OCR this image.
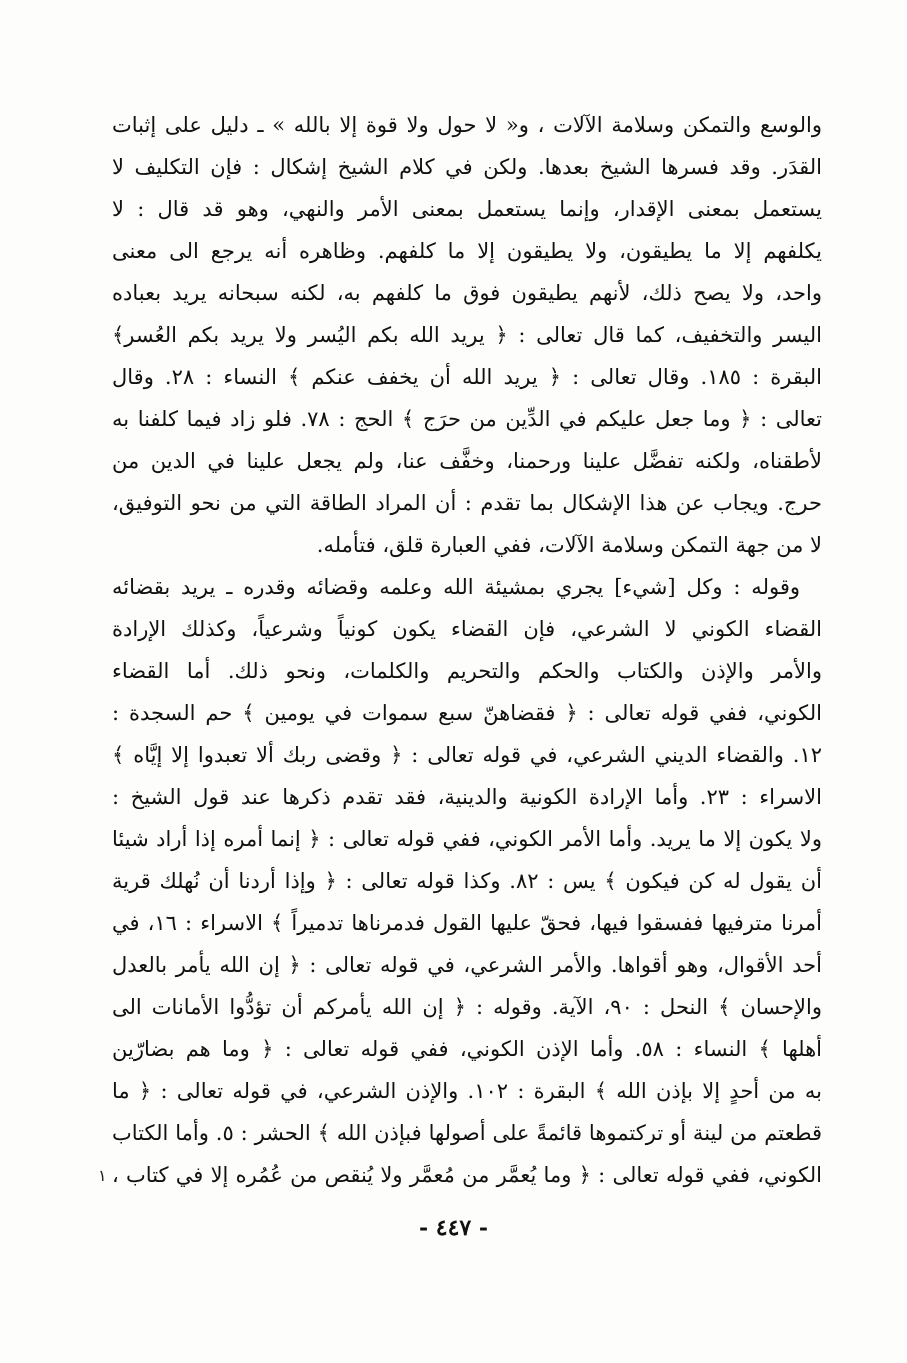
والوسع والتمكن وسلامة الآلات ، و« لا حول ولا قوة إلا بالله » ـ دليل على إثبات
القدَر. وقد فسرها الشيخ بعدها. ولكن في كلام الشيخ إشكال : فإن التكليف لا
يستعمل بمعنى الإقدار، وإنما يستعمل بمعنى الأمر والنهي، وهو قد قال : لا
يكلفهم إلا ما يطيقون، ولا يطيقون إلا ما كلفهم. وظاهره أنه يرجع الى معنى
واحد، ولا يصح ذلك، لأنهم يطيقون فوق ما كلفهم به، لكنه سبحانه يريد بعباده
اليسر والتخفيف، كما قال تعالى : ﴿ يريد الله بكم اليُسر ولا يريد بكم العُسر﴾
البقرة : ١٨٥. وقال تعالى : ﴿ يريد الله أن يخفف عنكم ﴾ النساء : ٢٨. وقال
تعالى : ﴿ وما جعل عليكم في الدِّين من حرَج ﴾ الحج : ٧٨. فلو زاد فيما كلفنا به
لأطقناه، ولكنه تفضَّل علينا ورحمنا، وخفَّف عنا، ولم يجعل علينا في الدين من
حرج. ويجاب عن هذا الإشكال بما تقدم : أن المراد الطاقة التي من نحو التوفيق،
لا من جهة التمكن وسلامة الآلات، ففي العبارة قلق، فتأمله.
وقوله : وكل [شيء] يجري بمشيئة الله وعلمه وقضائه وقدره ـ يريد بقضائه
القضاء الكوني لا الشرعي، فإن القضاء يكون كونياً وشرعياً، وكذلك الإرادة
والأمر والإذن والكتاب والحكم والتحريم والكلمات، ونحو ذلك. أما القضاء
الكوني، ففي قوله تعالى : ﴿ فقضاهنّ سبع سموات في يومين ﴾ حم السجدة :
١٢. والقضاء الديني الشرعي، في قوله تعالى : ﴿ وقضى ربك ألا تعبدوا إلا إيَّاه ﴾
الاسراء : ٢٣. وأما الإرادة الكونية والدينية، فقد تقدم ذكرها عند قول الشيخ :
ولا يكون إلا ما يريد. وأما الأمر الكوني، ففي قوله تعالى : ﴿ إنما أمره إذا أراد شيئا
أن يقول له كن فيكون ﴾ يس : ٨٢. وكذا قوله تعالى : ﴿ وإذا أردنا أن نُهلك قرية
أمرنا مترفيها ففسقوا فيها، فحقّ عليها القول فدمرناها تدميراً ﴾ الاسراء : ١٦، في
أحد الأقوال، وهو أقواها. والأمر الشرعي، في قوله تعالى : ﴿ إن الله يأمر بالعدل
والإحسان ﴾ النحل : ٩٠، الآية. وقوله : ﴿ إن الله يأمركم أن تؤدُّوا الأمانات الى
أهلها ﴾ النساء : ٥٨. وأما الإذن الكوني، ففي قوله تعالى : ﴿ وما هم بضارّين
به من أحدٍ إلا بإذن الله ﴾ البقرة : ١٠٢. والإذن الشرعي، في قوله تعالى : ﴿ ما
قطعتم من لينة أو تركتموها قائمةً على أصولها فبإذن الله ﴾ الحشر : ٥. وأما الكتاب
الكوني، ففي قوله تعالى : ﴿ وما يُعمَّر من مُعمَّر ولا يُنقص من عُمُره إلا في كتاب ،
١
- ٤٤٧ -
